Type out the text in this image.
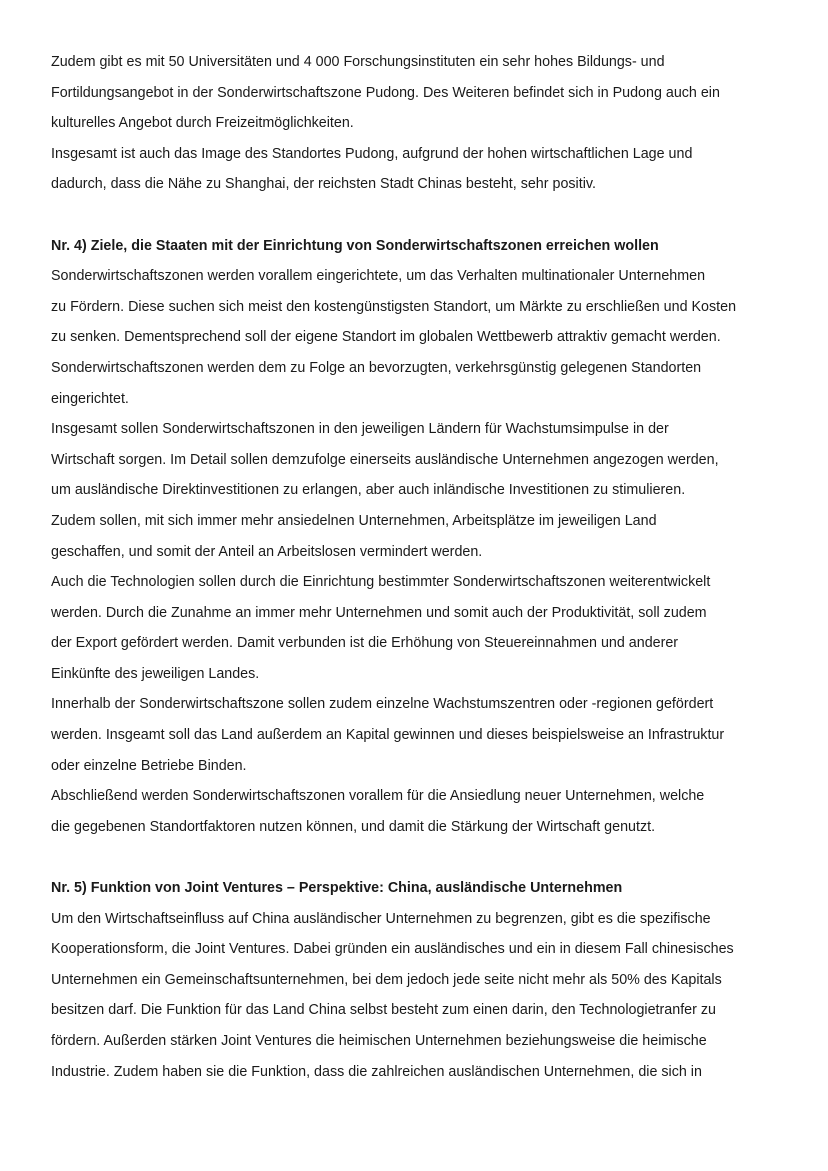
Zudem gibt es mit 50 Universitäten und 4 000 Forschungsinstituten ein sehr hohes Bildungs- und
Fortildungsangebot in der Sonderwirtschaftszone Pudong. Des Weiteren befindet sich in Pudong auch ein
kulturelles Angebot durch Freizeitmöglichkeiten.
Insgesamt ist auch das Image des Standortes Pudong, aufgrund der hohen wirtschaftlichen Lage und
dadurch, dass die Nähe zu Shanghai, der reichsten Stadt Chinas besteht, sehr positiv.
Nr. 4) Ziele, die Staaten mit der Einrichtung von Sonderwirtschaftszonen erreichen wollen
Sonderwirtschaftszonen werden vorallem eingerichtete, um das Verhalten multinationaler Unternehmen
zu Fördern. Diese suchen sich meist den kostengünstigsten Standort, um Märkte zu erschließen und Kosten
zu senken. Dementsprechend soll der eigene Standort im globalen Wettbewerb attraktiv gemacht werden.
Sonderwirtschaftszonen werden dem zu Folge an bevorzugten, verkehrsgünstig gelegenen Standorten
eingerichtet.
Insgesamt sollen Sonderwirtschaftszonen in den jeweiligen Ländern für Wachstumsimpulse in der
Wirtschaft sorgen. Im Detail sollen demzufolge einerseits ausländische Unternehmen angezogen werden,
um ausländische Direktinvestitionen zu erlangen, aber auch inländische Investitionen zu stimulieren.
Zudem sollen, mit sich immer mehr ansiedelnen Unternehmen, Arbeitsplätze im jeweiligen Land
geschaffen, und somit der Anteil an Arbeitslosen vermindert werden.
Auch die Technologien sollen durch die Einrichtung bestimmter Sonderwirtschaftszonen weiterentwickelt
werden. Durch die Zunahme an immer mehr Unternehmen und somit auch der Produktivität, soll zudem
der Export gefördert werden. Damit verbunden ist die Erhöhung von Steuereinnahmen und anderer
Einkünfte des jeweiligen Landes.
Innerhalb der Sonderwirtschaftszone sollen zudem einzelne Wachstumszentren oder -regionen gefördert
werden. Insgeamt soll das Land außerdem an Kapital gewinnen und dieses beispielsweise an Infrastruktur
oder einzelne Betriebe Binden.
Abschließend werden Sonderwirtschaftszonen vorallem für die Ansiedlung neuer Unternehmen, welche
die gegebenen Standortfaktoren nutzen können, und damit die Stärkung der Wirtschaft genutzt.
Nr. 5) Funktion von Joint Ventures – Perspektive: China, ausländische Unternehmen
Um den Wirtschaftseinfluss auf China ausländischer Unternehmen zu begrenzen, gibt es die spezifische
Kooperationsform, die Joint Ventures. Dabei gründen ein ausländisches und ein in diesem Fall chinesisches
Unternehmen ein Gemeinschaftsunternehmen, bei dem jedoch jede seite nicht mehr als 50% des Kapitals
besitzen darf. Die Funktion für das Land China selbst besteht zum einen darin, den Technologietranfer zu
fördern. Außerden stärken Joint Ventures die heimischen Unternehmen beziehungsweise die heimische
Industrie. Zudem haben sie die Funktion, dass die zahlreichen ausländischen Unternehmen, die sich in
